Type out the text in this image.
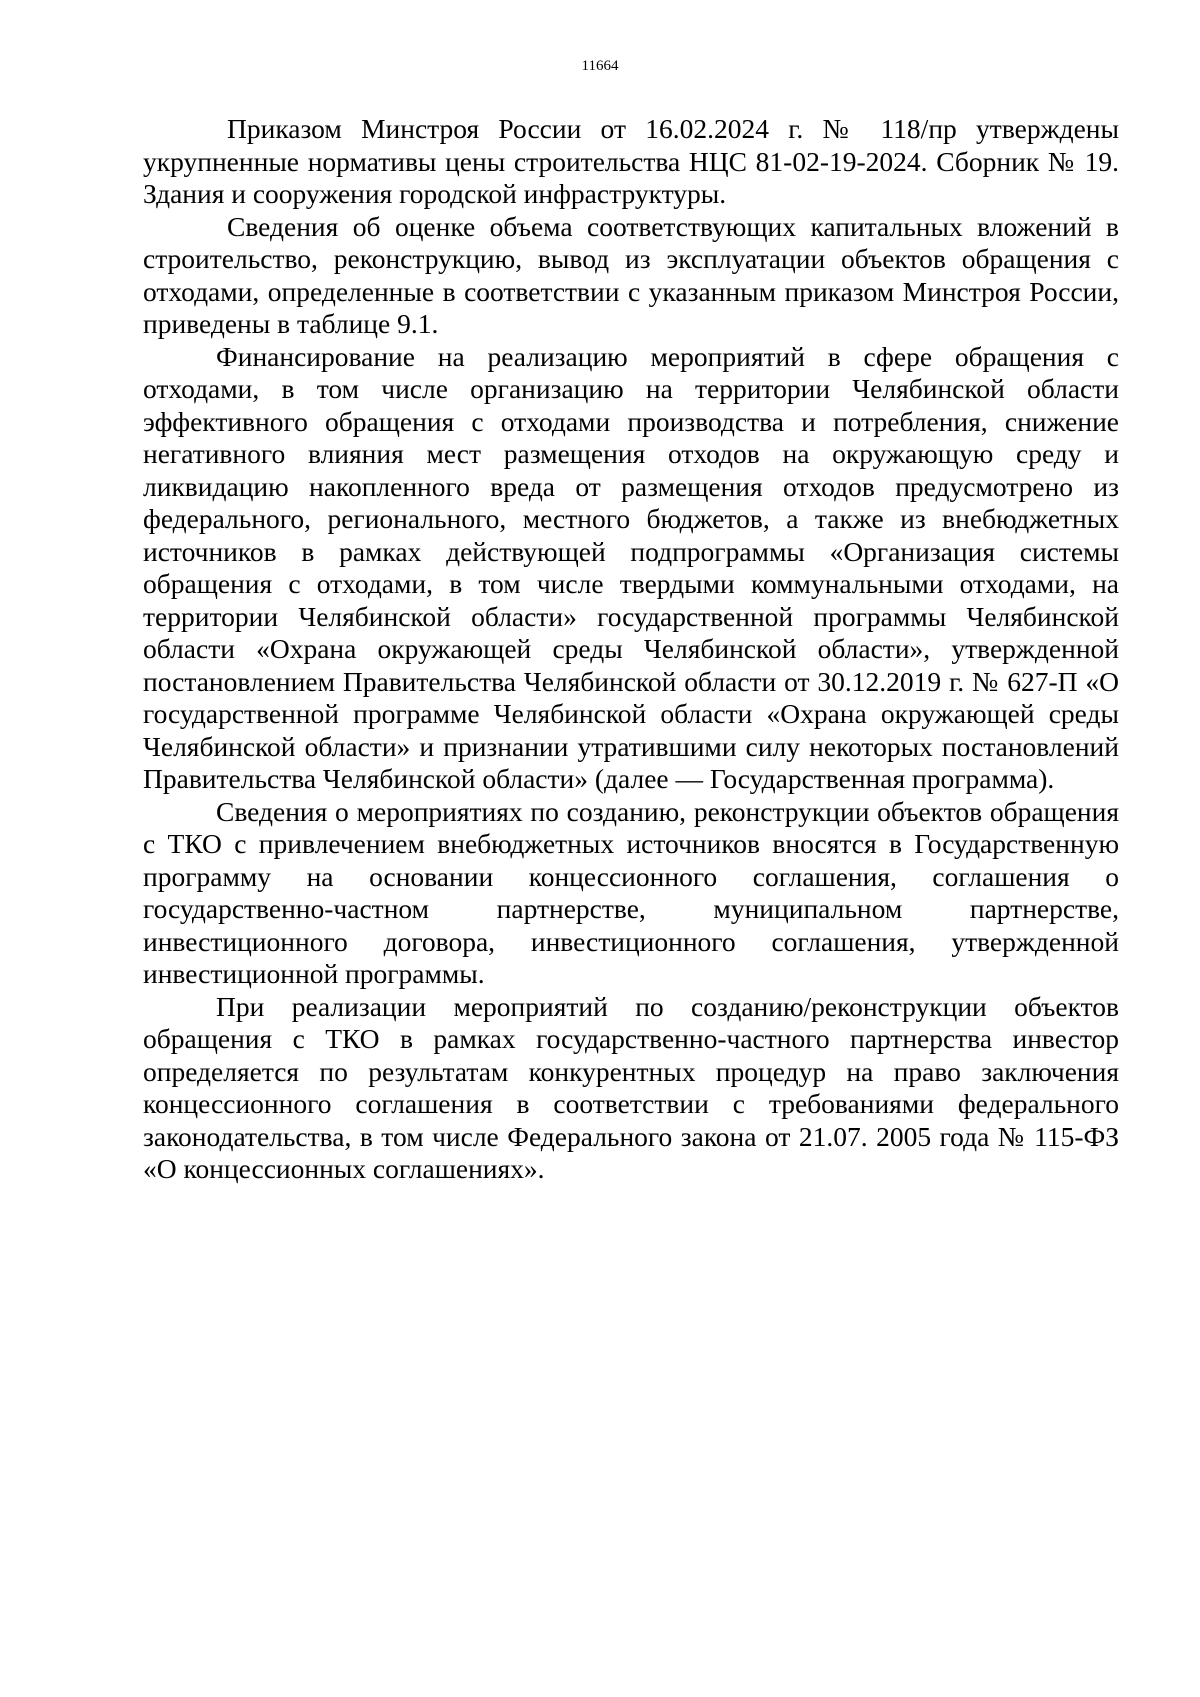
11664

Приказом Минстроя России от 16.02.2024 г. № 118/пр утверждены укрупненные нормативы цены строительства НЦС 81-02-19-2024. Сборник № 19. Здания и сооружения городской инфраструктуры.

Сведения об оценке объема соответствующих капитальных вложений в строительство, реконструкцию, вывод из эксплуатации объектов обращения с отходами, определенные в соответствии с указанным приказом Минстроя России, приведены в таблице 9.1.

Финансирование на реализацию мероприятий в сфере обращения с отходами, в том числе организацию на территории Челябинской области эффективного обращения с отходами производства и потребления, снижение негативного влияния мест размещения отходов на окружающую среду и ликвидацию накопленного вреда от размещения отходов предусмотрено из федерального, регионального, местного бюджетов, а также из внебюджетных источников в рамках действующей подпрограммы «Организация системы обращения с отходами, в том числе твердыми коммунальными отходами, на территории Челябинской области» государственной программы Челябинской области «Охрана окружающей среды Челябинской области», утвержденной постановлением Правительства Челябинской области от 30.12.2019 г. № 627-П «О государственной программе Челябинской области «Охрана окружающей среды Челябинской области» и признании утратившими силу некоторых постановлений Правительства Челябинской области» (далее — Государственная программа).

Сведения о мероприятиях по созданию, реконструкции объектов обращения с ТКО с привлечением внебюджетных источников вносятся в Государственную программу на основании концессионного соглашения, соглашения о государственно-частном партнерстве, муниципальном партнерстве, инвестиционного договора, инвестиционного соглашения, утвержденной инвестиционной программы.

При реализации мероприятий по созданию/реконструкции объектов обращения с ТКО в рамках государственно-частного партнерства инвестор определяется по результатам конкурентных процедур на право заключения концессионного соглашения в соответствии с требованиями федерального законодательства, в том числе Федерального закона от 21.07. 2005 года № 115-ФЗ «О концессионных соглашениях».
